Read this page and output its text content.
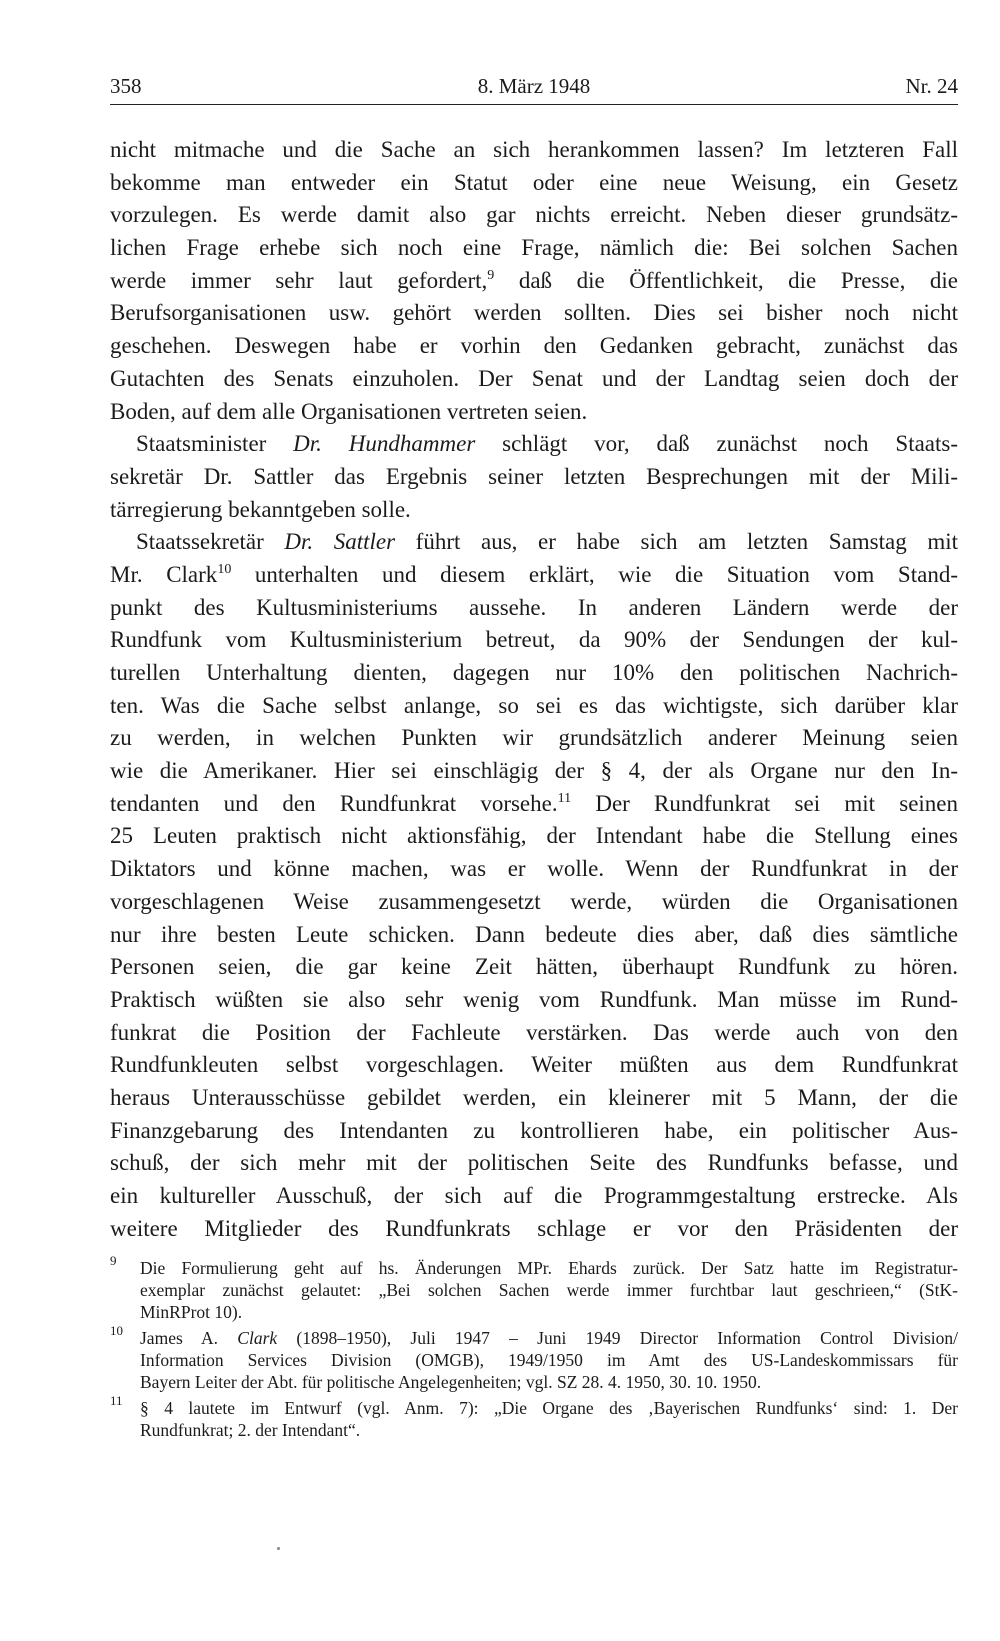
358	8. März 1948	Nr. 24
nicht mitmache und die Sache an sich herankommen lassen? Im letzteren Fall
bekomme man entweder ein Statut oder eine neue Weisung, ein Gesetz
vorzulegen. Es werde damit also gar nichts erreicht. Neben dieser grundsätz-
lichen Frage erhebe sich noch eine Frage, nämlich die: Bei solchen Sachen
werde immer sehr laut gefordert,$^9$ daß die Öffentlichkeit, die Presse, die
Berufsorganisationen usw. gehört werden sollten. Dies sei bisher noch nicht
geschehen. Deswegen habe er vorhin den Gedanken gebracht, zunächst das
Gutachten des Senats einzuholen. Der Senat und der Landtag seien doch der
Boden, auf dem alle Organisationen vertreten seien.
Staatsminister Dr. Hundhammer schlägt vor, daß zunächst noch Staats-
sekretär Dr. Sattler das Ergebnis seiner letzten Besprechungen mit der Mili-
tärregierung bekanntgeben solle.
Staatssekretär Dr. Sattler führt aus, er habe sich am letzten Samstag mit
Mr. Clark$^{10}$ unterhalten und diesem erklärt, wie die Situation vom Stand-
punkt des Kultusministeriums aussehe. In anderen Ländern werde der
Rundfunk vom Kultusministerium betreut, da 90% der Sendungen der kul-
turellen Unterhaltung dienten, dagegen nur 10% den politischen Nachrich-
ten. Was die Sache selbst anlange, so sei es das wichtigste, sich darüber klar
zu werden, in welchen Punkten wir grundsätzlich anderer Meinung seien
wie die Amerikaner. Hier sei einschlägig der § 4, der als Organe nur den In-
tendanten und den Rundfunkrat vorsehe.$^{11}$ Der Rundfunkrat sei mit seinen
25 Leuten praktisch nicht aktionsfähig, der Intendant habe die Stellung eines
Diktators und könne machen, was er wolle. Wenn der Rundfunkrat in der
vorgeschlagenen Weise zusammengesetzt werde, würden die Organisationen
nur ihre besten Leute schicken. Dann bedeute dies aber, daß dies sämtliche
Personen seien, die gar keine Zeit hätten, überhaupt Rundfunk zu hören.
Praktisch wüßten sie also sehr wenig vom Rundfunk. Man müsse im Rund-
funkrat die Position der Fachleute verstärken. Das werde auch von den
Rundfunkleuten selbst vorgeschlagen. Weiter müßten aus dem Rundfunkrat
heraus Unterausschüsse gebildet werden, ein kleinerer mit 5 Mann, der die
Finanzgebarung des Intendanten zu kontrollieren habe, ein politischer Aus-
schuß, der sich mehr mit der politischen Seite des Rundfunks befasse, und
ein kultureller Ausschuß, der sich auf die Programmgestaltung erstrecke. Als
weitere Mitglieder des Rundfunkrats schlage er vor den Präsidenten der
9 Die Formulierung geht auf hs. Änderungen MPr. Ehards zurück. Der Satz hatte im Registratur-
exemplar zunächst gelautet: „Bei solchen Sachen werde immer furchtbar laut geschrieen,“ (StK-
MinRProt 10).
10 James A. Clark (1898–1950), Juli 1947 – Juni 1949 Director Information Control Division/
Information Services Division (OMGB), 1949/1950 im Amt des US-Landeskommissars für
Bayern Leiter der Abt. für politische Angelegenheiten; vgl. SZ 28. 4. 1950, 30. 10. 1950.
11 § 4 lautete im Entwurf (vgl. Anm. 7): „Die Organe des ‚Bayerischen Rundfunks‘ sind: 1. Der
Rundfunkrat; 2. der Intendant“.
